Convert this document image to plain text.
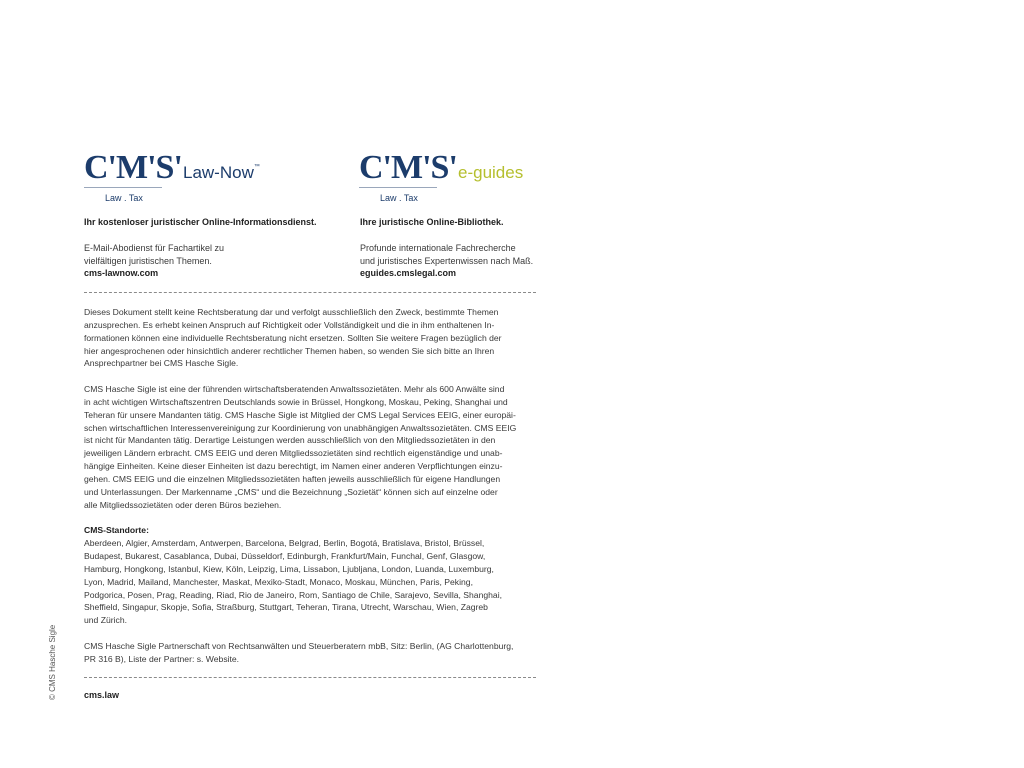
C'M'S'
Law . Tax
Law-Now™	C'M'S'
Law . Tax
e-guides
Ihr kostenloser juristischer Online-Informationsdienst.
E-Mail-Abodienst für Fachartikel zu
vielfältigen juristischen Themen.
cms-lawnow.com
Ihre juristische Online-Bibliothek.
Profunde internationale Fachrecherche
und juristisches Expertenwissen nach Maß.
eguides.cmslegal.com

Dieses Dokument stellt keine Rechtsberatung dar und verfolgt ausschließlich den Zweck, bestimmte Themen
anzusprechen. Es erhebt keinen Anspruch auf Richtigkeit oder Vollständigkeit und die in ihm enthaltenen In-
formationen können eine individuelle Rechtsberatung nicht ersetzen. Sollten Sie weitere Fragen bezüglich der
hier angesprochenen oder hinsichtlich anderer rechtlicher Themen haben, so wenden Sie sich bitte an Ihren
Ansprechpartner bei CMS Hasche Sigle.

CMS Hasche Sigle ist eine der führenden wirtschaftsberatenden Anwaltssozietäten. Mehr als 600 Anwälte sind
in acht wichtigen Wirtschaftszentren Deutschlands sowie in Brüssel, Hongkong, Moskau, Peking, Shanghai und
Teheran für unsere Mandanten tätig. CMS Hasche Sigle ist Mitglied der CMS Legal Services EEIG, einer europäi-
schen wirtschaftlichen Interessenvereinigung zur Koordinierung von unabhängigen Anwaltssozietäten. CMS EEIG
ist nicht für Mandanten tätig. Derartige Leistungen werden ausschließlich von den Mitgliedssozietäten in den
jeweiligen Ländern erbracht. CMS EEIG und deren Mitgliedssozietäten sind rechtlich eigenständige und unab-
hängige Einheiten. Keine dieser Einheiten ist dazu berechtigt, im Namen einer anderen Verpflichtungen einzu-
gehen. CMS EEIG und die einzelnen Mitgliedssozietäten haften jeweils ausschließlich für eigene Handlungen
und Unterlassungen. Der Markenname „CMS“ und die Bezeichnung „Sozietät“ können sich auf einzelne oder
alle Mitgliedssozietäten oder deren Büros beziehen.

CMS-Standorte:
Aberdeen, Algier, Amsterdam, Antwerpen, Barcelona, Belgrad, Berlin, Bogotá, Bratislava, Bristol, Brüssel,
Budapest, Bukarest, Casablanca, Dubai, Düsseldorf, Edinburgh, Frankfurt/Main, Funchal, Genf, Glasgow,
Hamburg, Hongkong, Istanbul, Kiew, Köln, Leipzig, Lima, Lissabon, Ljubljana, London, Luanda, Luxemburg,
Lyon, Madrid, Mailand, Manchester, Maskat, Mexiko-Stadt, Monaco, Moskau, München, Paris, Peking,
Podgorica, Posen, Prag, Reading, Riad, Rio de Janeiro, Rom, Santiago de Chile, Sarajevo, Sevilla, Shanghai,
Sheffield, Singapur, Skopje, Sofia, Straßburg, Stuttgart, Teheran, Tirana, Utrecht, Warschau, Wien, Zagreb
und Zürich.

CMS Hasche Sigle Partnerschaft von Rechtsanwälten und Steuerberatern mbB, Sitz: Berlin, (AG Charlottenburg,
PR 316 B), Liste der Partner: s. Website.

cms.law
© CMS Hasche Sigle
